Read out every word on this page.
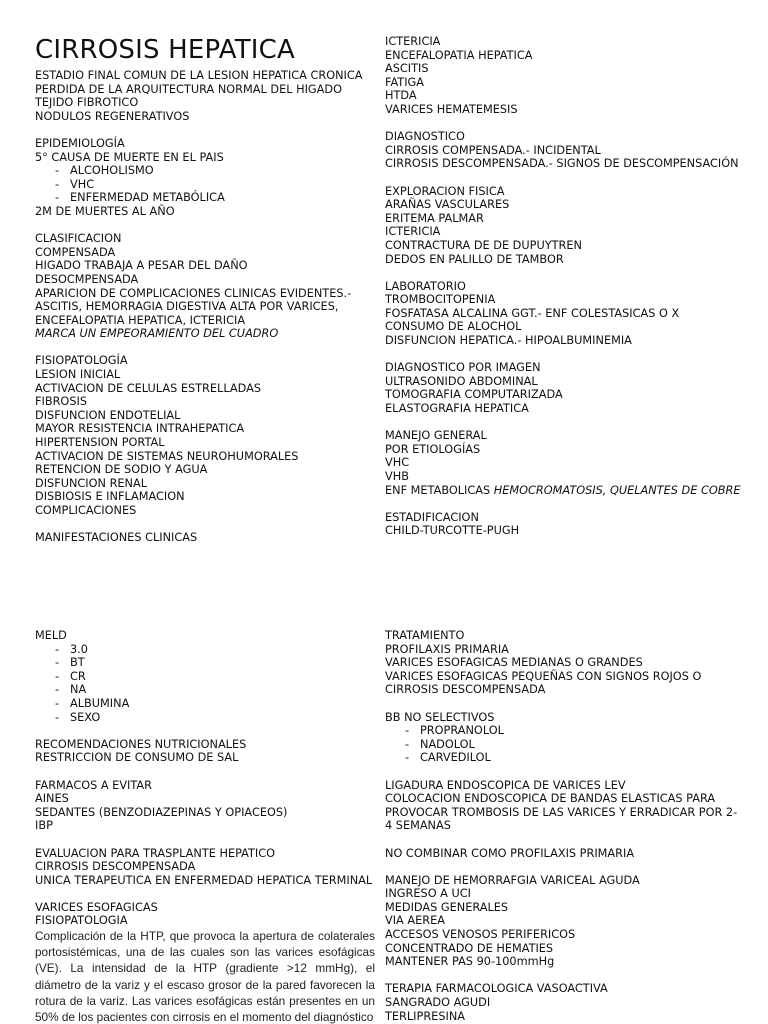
CIRROSIS HEPATICA
ESTADIO FINAL COMUN DE LA LESION HEPATICA CRONICA
PERDIDA DE LA ARQUITECTURA NORMAL DEL HIGADO
TEJIDO FIBROTICO
NODULOS REGENERATIVOS
EPIDEMIOLOGÍA
5° CAUSA DE MUERTE EN EL PAIS
- ALCOHOLISMO
- VHC
- ENFERMEDAD METABÓLICA
2M DE MUERTES AL AÑO
CLASIFICACION
COMPENSADA
HIGADO TRABAJA A PESAR DEL DAÑO
DESOCMPENSADA
APARICION DE COMPLICACIONES CLINICAS EVIDENTES.-
ASCITIS, HEMORRAGIA DIGESTIVA ALTA POR VARICES,
ENCEFALOPATIA HEPATICA, ICTERICIA
MARCA UN EMPEORAMIENTO DEL CUADRO
FISIOPATOLOGÍA
LESION INICIAL
ACTIVACION DE CELULAS ESTRELLADAS
FIBROSIS
DISFUNCION ENDOTELIAL
MAYOR RESISTENCIA INTRAHEPATICA
HIPERTENSION PORTAL
ACTIVACION DE SISTEMAS NEUROHUMORALES
RETENCION DE SODIO Y AGUA
DISFUNCION RENAL
DISBIOSIS E INFLAMACION
COMPLICACIONES
MANIFESTACIONES CLINICAS
ICTERICIA
ENCEFALOPATIA HEPATICA
ASCITIS
FATIGA
HTDA
VARICES HEMATEMESIS
DIAGNOSTICO
CIRROSIS COMPENSADA.- INCIDENTAL
CIRROSIS DESCOMPENSADA.- SIGNOS DE DESCOMPENSACIÓN
EXPLORACION FISICA
ARAÑAS VASCULARES
ERITEMA PALMAR
ICTERICIA
CONTRACTURA DE DE DUPUYTREN
DEDOS EN PALILLO DE TAMBOR
LABORATORIO
TROMBOCITOPENIA
FOSFATASA ALCALINA GGT.- ENF COLESTASICAS O X
CONSUMO DE ALOCHOL
DISFUNCION HEPATICA.- HIPOALBUMINEMIA
DIAGNOSTICO POR IMAGEN
ULTRASONIDO ABDOMINAL
TOMOGRAFIA COMPUTARIZADA
ELASTOGRAFIA HEPATICA
MANEJO GENERAL
POR ETIOLOGÍAS
VHC
VHB
ENF METABOLICAS HEMOCROMATOSIS, QUELANTES DE COBRE
ESTADIFICACION
CHILD-TURCOTTE-PUGH
MELD
- 3.0
- BT
- CR
- NA
- ALBUMINA
- SEXO
RECOMENDACIONES NUTRICIONALES
RESTRICCION DE CONSUMO DE SAL
FARMACOS A EVITAR
AINES
SEDANTES (BENZODIAZEPINAS Y OPIACEOS)
IBP
EVALUACION PARA TRASPLANTE HEPATICO
CIRROSIS DESCOMPENSADA
UNICA TERAPEUTICA EN ENFERMEDAD HEPATICA TERMINAL
VARICES ESOFAGICAS
FISIOPATOLOGIA
Complicación de la HTP, que provoca la apertura de colaterales portosistémicas, una de las cuales son las varices esofágicas (VE). La intensidad de la HTP (gradiente >12 mmHg), el diámetro de la variz y el escaso grosor de la pared favorecen la rotura de la variz. Las varices esofágicas están presentes en un 50% de los pacientes con cirrosis en el momento del diagnóstico
TRATAMIENTO
PROFILAXIS PRIMARIA
VARICES ESOFAGICAS MEDIANAS O GRANDES
VARICES ESOFAGICAS PEQUEÑAS CON SIGNOS ROJOS O
CIRROSIS DESCOMPENSADA
BB NO SELECTIVOS
- PROPRANOLOL
- NADOLOL
- CARVEDILOL
LIGADURA ENDOSCOPICA DE VARICES LEV
COLOCACION ENDOSCOPICA DE BANDAS ELASTICAS PARA
PROVOCAR TROMBOSIS DE LAS VARICES Y ERRADICAR POR 2-
4 SEMANAS
NO COMBINAR COMO PROFILAXIS PRIMARIA
MANEJO DE HEMORRAFGIA VARICEAL AGUDA
INGRESO A UCI
MEDIDAS GENERALES
VIA AEREA
ACCESOS VENOSOS PERIFERICOS
CONCENTRADO DE HEMATIES
MANTENER PAS 90-100mmHg
TERAPIA FARMACOLOGICA VASOACTIVA
SANGRADO AGUDI
TERLIPRESINA
